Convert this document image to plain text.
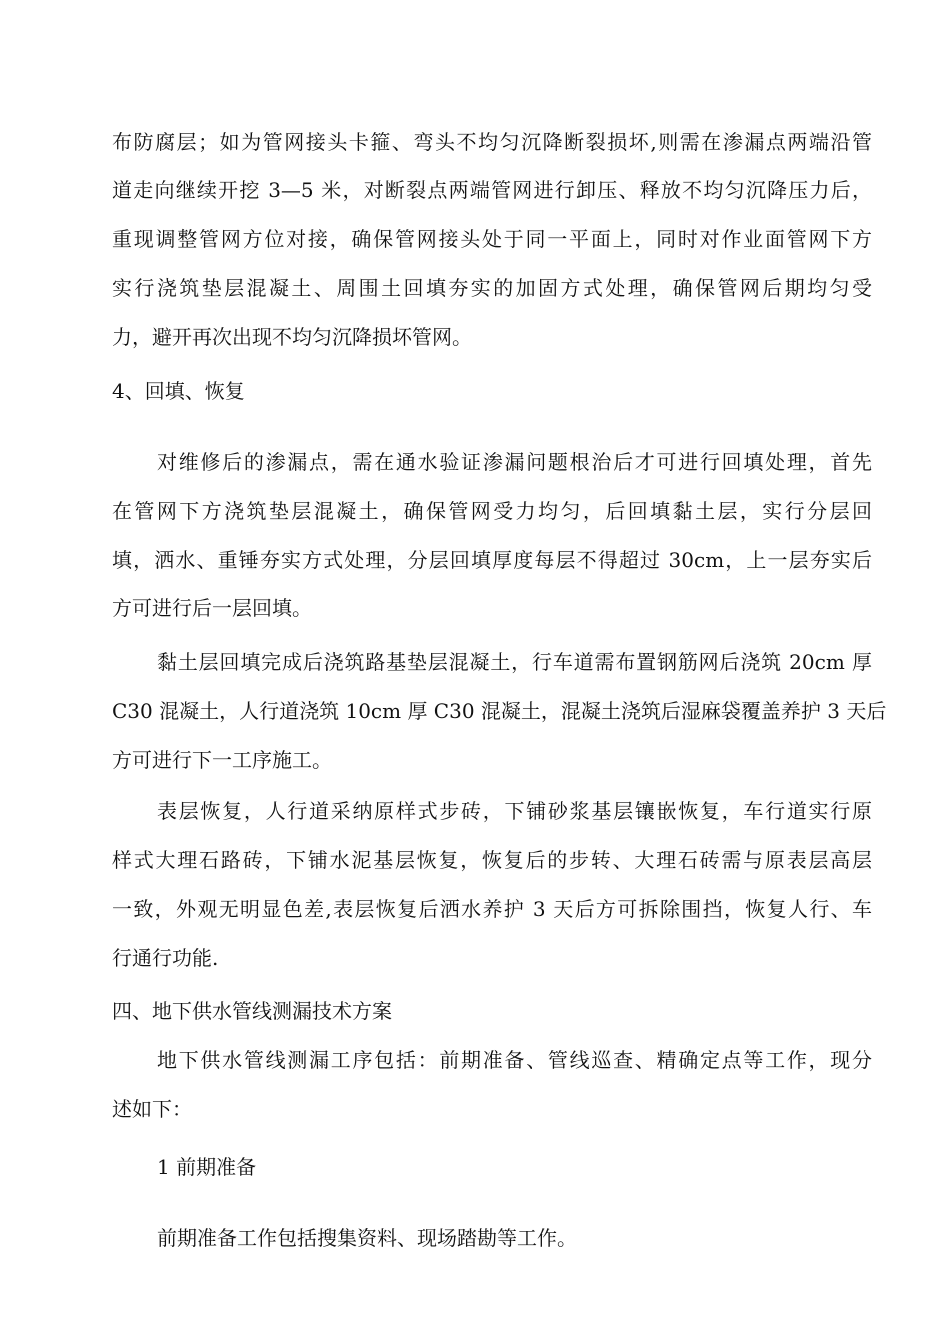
布防腐层；如为管网接头卡箍、弯头不均匀沉降断裂损坏,则需在渗漏点两端沿管
道走向继续开挖 3—5 米，对断裂点两端管网进行卸压、释放不均匀沉降压力后，
重现调整管网方位对接，确保管网接头处于同一平面上，同时对作业面管网下方
实行浇筑垫层混凝土、周围土回填夯实的加固方式处理，确保管网后期均匀受
力，避开再次出现不均匀沉降损坏管网。
4、回填、恢复
对维修后的渗漏点，需在通水验证渗漏问题根治后才可进行回填处理，首先
在管网下方浇筑垫层混凝土，确保管网受力均匀，后回填黏土层，实行分层回
填，洒水、重锤夯实方式处理，分层回填厚度每层不得超过 30cm，上一层夯实后
方可进行后一层回填。
黏土层回填完成后浇筑路基垫层混凝土，行车道需布置钢筋网后浇筑 20cm 厚
C30 混凝土，人行道浇筑 10cm 厚 C30 混凝土，混凝土浇筑后湿麻袋覆盖养护 3 天后
方可进行下一工序施工。
表层恢复，人行道采纳原样式步砖，下铺砂浆基层镶嵌恢复，车行道实行原
样式大理石路砖，下铺水泥基层恢复，恢复后的步转、大理石砖需与原表层高层
一致，外观无明显色差,表层恢复后洒水养护 3 天后方可拆除围挡，恢复人行、车
行通行功能.
四、地下供水管线测漏技术方案
地下供水管线测漏工序包括：前期准备、管线巡查、精确定点等工作，现分
述如下：
1 前期准备
前期准备工作包括搜集资料、现场踏勘等工作。
